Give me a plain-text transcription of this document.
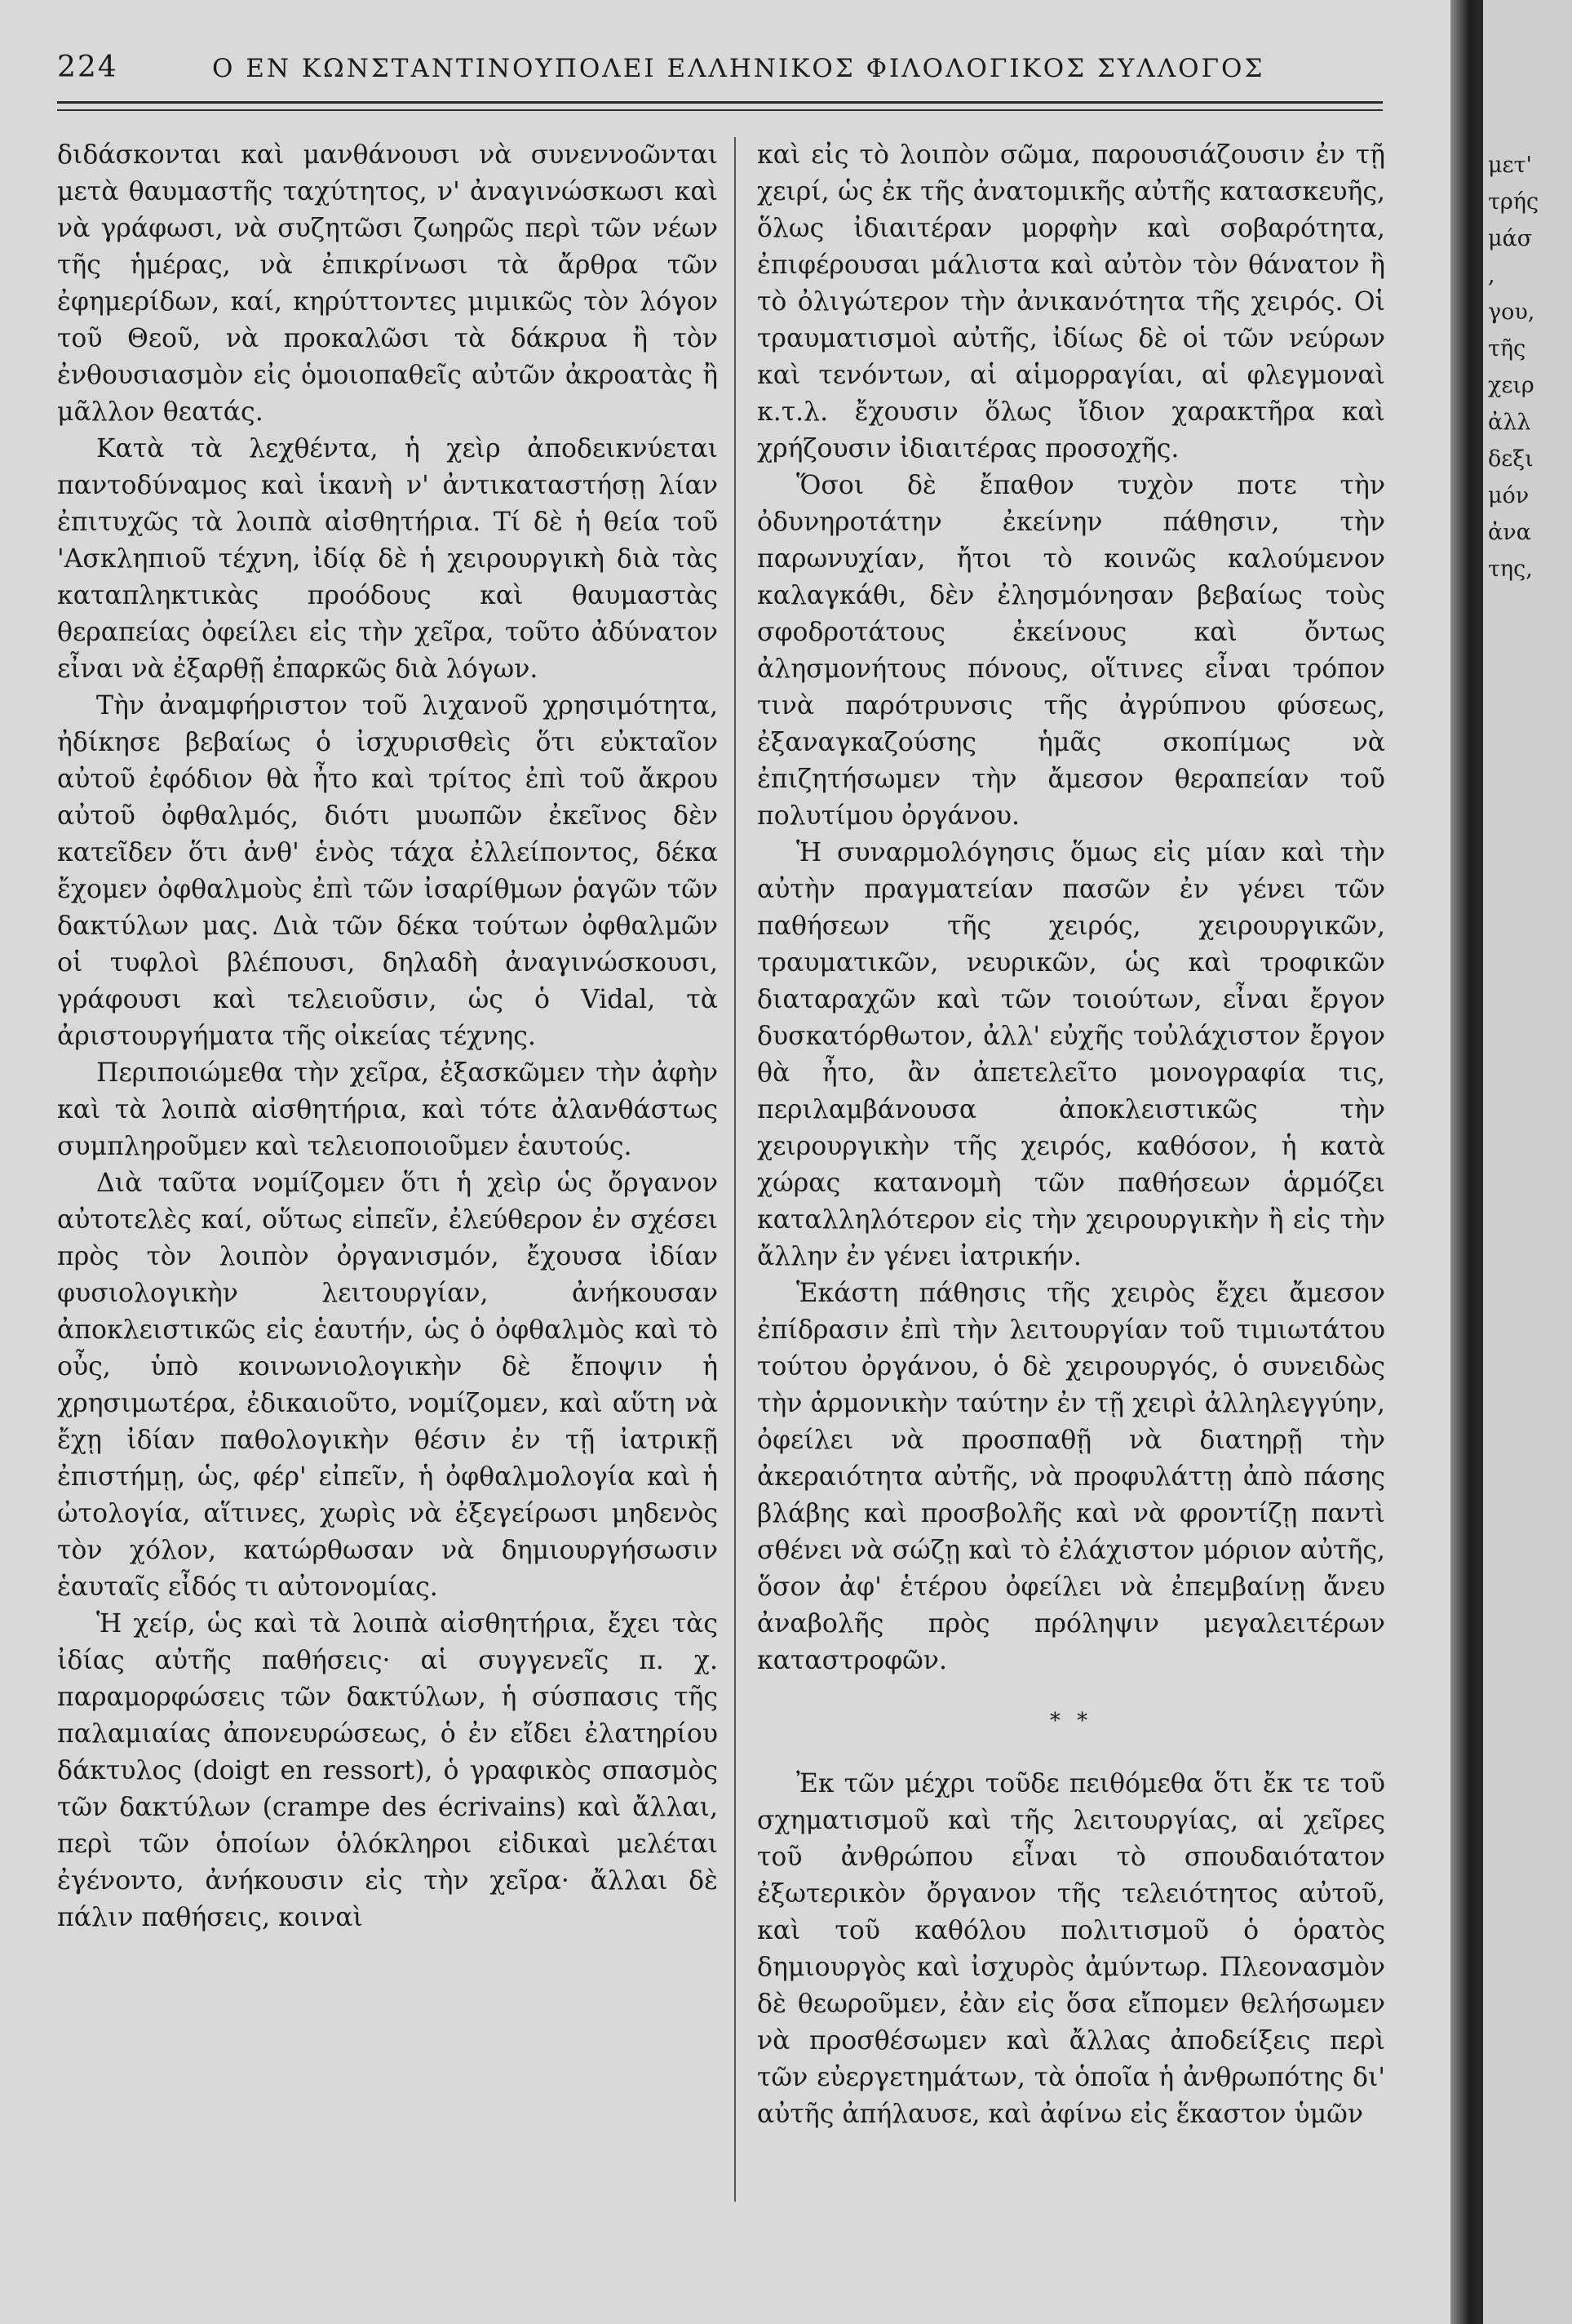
224	Ο ΕΝ ΚΩΝΣΤΑΝΤΙΝΟΥΠΟΛΕΙ ΕΛΛΗΝΙΚΟΣ ΦΙΛΟΛΟΓΙΚΟΣ ΣΥΛΛΟΓΟΣ

διδάσκονται καὶ μανθάνουσι νὰ συνεννοῶνται μετὰ θαυμαστῆς ταχύτητος, ν' ἀναγινώσκωσι καὶ νὰ γράφωσι, νὰ συζητῶσι ζωηρῶς περὶ τῶν νέων τῆς ἡμέρας, νὰ ἐπικρίνωσι τὰ ἄρθρα τῶν ἐφημερίδων, καί, κηρύττοντες μιμικῶς τὸν λόγον τοῦ Θεοῦ, νὰ προκαλῶσι τὰ δάκρυα ἢ τὸν ἐνθουσιασμὸν εἰς ὁμοιοπαθεῖς αὐτῶν ἀκροατὰς ἢ μᾶλλον θεατάς.

Κατὰ τὰ λεχθέντα, ἡ χεὶρ ἀποδεικνύεται παντοδύναμος καὶ ἱκανὴ ν' ἀντικαταστήσῃ λίαν ἐπιτυχῶς τὰ λοιπὰ αἰσθητήρια. Τί δὲ ἡ θεία τοῦ 'Ασκληπιοῦ τέχνη, ἰδίᾳ δὲ ἡ χειρουργικὴ διὰ τὰς καταπληκτικὰς προόδους καὶ θαυμαστὰς θεραπείας ὀφείλει εἰς τὴν χεῖρα, τοῦτο ἀδύνατον εἶναι νὰ ἐξαρθῇ ἐπαρκῶς διὰ λόγων.

Τὴν ἀναμφήριστον τοῦ λιχανοῦ χρησιμότητα, ἠδίκησε βεβαίως ὁ ἰσχυρισθεὶς ὅτι εὐκταῖον αὐτοῦ ἐφόδιον θὰ ἦτο καὶ τρίτος ἐπὶ τοῦ ἄκρου αὐτοῦ ὀφθαλμός, διότι μυωπῶν ἐκεῖνος δὲν κατεῖδεν ὅτι ἀνθ' ἑνὸς τάχα ἐλλείποντος, δέκα ἔχομεν ὀφθαλμοὺς ἐπὶ τῶν ἰσαρίθμων ῥαγῶν τῶν δακτύλων μας. Διὰ τῶν δέκα τούτων ὀφθαλμῶν οἱ τυφλοὶ βλέπουσι, δηλαδὴ ἀναγινώσκουσι, γράφουσι καὶ τελειοῦσιν, ὡς ὁ Vidal, τὰ ἀριστουργήματα τῆς οἰκείας τέχνης.

Περιποιώμεθα τὴν χεῖρα, ἐξασκῶμεν τὴν ἀφὴν καὶ τὰ λοιπὰ αἰσθητήρια, καὶ τότε ἀλανθάστως συμπληροῦμεν καὶ τελειοποιοῦμεν ἑαυτούς.

Διὰ ταῦτα νομίζομεν ὅτι ἡ χεὶρ ὡς ὄργανον αὐτοτελὲς καί, οὕτως εἰπεῖν, ἐλεύθερον ἐν σχέσει πρὸς τὸν λοιπὸν ὀργανισμόν, ἔχουσα ἰδίαν φυσιολογικὴν λειτουργίαν, ἀνήκουσαν ἀποκλειστικῶς εἰς ἑαυτήν, ὡς ὁ ὀφθαλμὸς καὶ τὸ οὖς, ὑπὸ κοινωνιολογικὴν δὲ ἔποψιν ἡ χρησιμωτέρα, ἐδικαιοῦτο, νομίζομεν, καὶ αὕτη νὰ ἔχῃ ἰδίαν παθολογικὴν θέσιν ἐν τῇ ἰατρικῇ ἐπιστήμῃ, ὡς, φέρ' εἰπεῖν, ἡ ὀφθαλμολογία καὶ ἡ ὠτολογία, αἵτινες, χωρὶς νὰ ἐξεγείρωσι μηδενὸς τὸν χόλον, κατώρθωσαν νὰ δημιουργήσωσιν ἑαυταῖς εἶδός τι αὐτονομίας.

Ἡ χείρ, ὡς καὶ τὰ λοιπὰ αἰσθητήρια, ἔχει τὰς ἰδίας αὐτῆς παθήσεις· αἱ συγγενεῖς π. χ. παραμορφώσεις τῶν δακτύλων, ἡ σύσπασις τῆς παλαμιαίας ἀπονευρώσεως, ὁ ἐν εἴδει ἐλατηρίου δάκτυλος (doigt en ressort), ὁ γραφικὸς σπασμὸς τῶν δακτύλων (crampe des écrivains) καὶ ἄλλαι, περὶ τῶν ὁποίων ὁλόκληροι εἰδικαὶ μελέται ἐγένοντο, ἀνήκουσιν εἰς τὴν χεῖρα· ἄλλαι δὲ πάλιν παθήσεις, κοιναὶ

καὶ εἰς τὸ λοιπὸν σῶμα, παρουσιάζουσιν ἐν τῇ χειρί, ὡς ἐκ τῆς ἀνατομικῆς αὐτῆς κατασκευῆς, ὅλως ἰδιαιτέραν μορφὴν καὶ σοβαρότητα, ἐπιφέρουσαι μάλιστα καὶ αὐτὸν τὸν θάνατον ἢ τὸ ὀλιγώτερον τὴν ἀνικανότητα τῆς χειρός. Οἱ τραυματισμοὶ αὐτῆς, ἰδίως δὲ οἱ τῶν νεύρων καὶ τενόντων, αἱ αἱμορραγίαι, αἱ φλεγμοναὶ κ.τ.λ. ἔχουσιν ὅλως ἴδιον χαρακτῆρα καὶ χρήζουσιν ἰδιαιτέρας προσοχῆς.

Ὅσοι δὲ ἔπαθον τυχὸν ποτε τὴν ὀδυνηροτάτην ἐκείνην πάθησιν, τὴν παρωνυχίαν, ἤτοι τὸ κοινῶς καλούμενον καλαγκάθι, δὲν ἐλησμόνησαν βεβαίως τοὺς σφοδροτάτους ἐκείνους καὶ ὄντως ἀλησμονήτους πόνους, οἵτινες εἶναι τρόπον τινὰ παρότρυνσις τῆς ἀγρύπνου φύσεως, ἐξαναγκαζούσης ἡμᾶς σκοπίμως νὰ ἐπιζητήσωμεν τὴν ἄμεσον θεραπείαν τοῦ πολυτίμου ὀργάνου.

Ἡ συναρμολόγησις ὅμως εἰς μίαν καὶ τὴν αὐτὴν πραγματείαν πασῶν ἐν γένει τῶν παθήσεων τῆς χειρός, χειρουργικῶν, τραυματικῶν, νευρικῶν, ὡς καὶ τροφικῶν διαταραχῶν καὶ τῶν τοιούτων, εἶναι ἔργον δυσκατόρθωτον, ἀλλ' εὐχῆς τοὐλάχιστον ἔργον θὰ ἦτο, ἂν ἀπετελεῖτο μονογραφία τις, περιλαμβάνουσα ἀποκλειστικῶς τὴν χειρουργικὴν τῆς χειρός, καθόσον, ἡ κατὰ χώρας κατανομὴ τῶν παθήσεων ἁρμόζει καταλληλότερον εἰς τὴν χειρουργικὴν ἢ εἰς τὴν ἄλλην ἐν γένει ἰατρικήν.

Ἑκάστη πάθησις τῆς χειρὸς ἔχει ἄμεσον ἐπίδρασιν ἐπὶ τὴν λειτουργίαν τοῦ τιμιωτάτου τούτου ὀργάνου, ὁ δὲ χειρουργός, ὁ συνειδὼς τὴν ἁρμονικὴν ταύτην ἐν τῇ χειρὶ ἀλληλεγγύην, ὀφείλει νὰ προσπαθῇ νὰ διατηρῇ τὴν ἀκεραιότητα αὐτῆς, νὰ προφυλάττῃ ἀπὸ πάσης βλάβης καὶ προσβολῆς καὶ νὰ φροντίζῃ παντὶ σθένει νὰ σώζῃ καὶ τὸ ἐλάχιστον μόριον αὐτῆς, ὅσον ἀφ' ἑτέρου ὀφείλει νὰ ἐπεμβαίνῃ ἄνευ ἀναβολῆς πρὸς πρόληψιν μεγαλειτέρων καταστροφῶν.

* *

Ἐκ τῶν μέχρι τοῦδε πειθόμεθα ὅτι ἔκ τε τοῦ σχηματισμοῦ καὶ τῆς λειτουργίας, αἱ χεῖρες τοῦ ἀνθρώπου εἶναι τὸ σπουδαιότατον ἐξωτερικὸν ὄργανον τῆς τελειότητος αὐτοῦ, καὶ τοῦ καθόλου πολιτισμοῦ ὁ ὁρατὸς δημιουργὸς καὶ ἰσχυρὸς ἀμύντωρ. Πλεονασμὸν δὲ θεωροῦμεν, ἐὰν εἰς ὅσα εἴπομεν θελήσωμεν νὰ προσθέσωμεν καὶ ἄλλας ἀποδείξεις περὶ τῶν εὐεργετημάτων, τὰ ὁποῖα ἡ ἀνθρωπότης δι' αὐτῆς ἀπήλαυσε, καὶ ἀφίνω εἰς ἕκαστον ὑμῶν

μετ'
τρής
μάσ
,
γου,
τῆς
χειρ
ἀλλ
δεξι
μόν
ἀνα
της,
